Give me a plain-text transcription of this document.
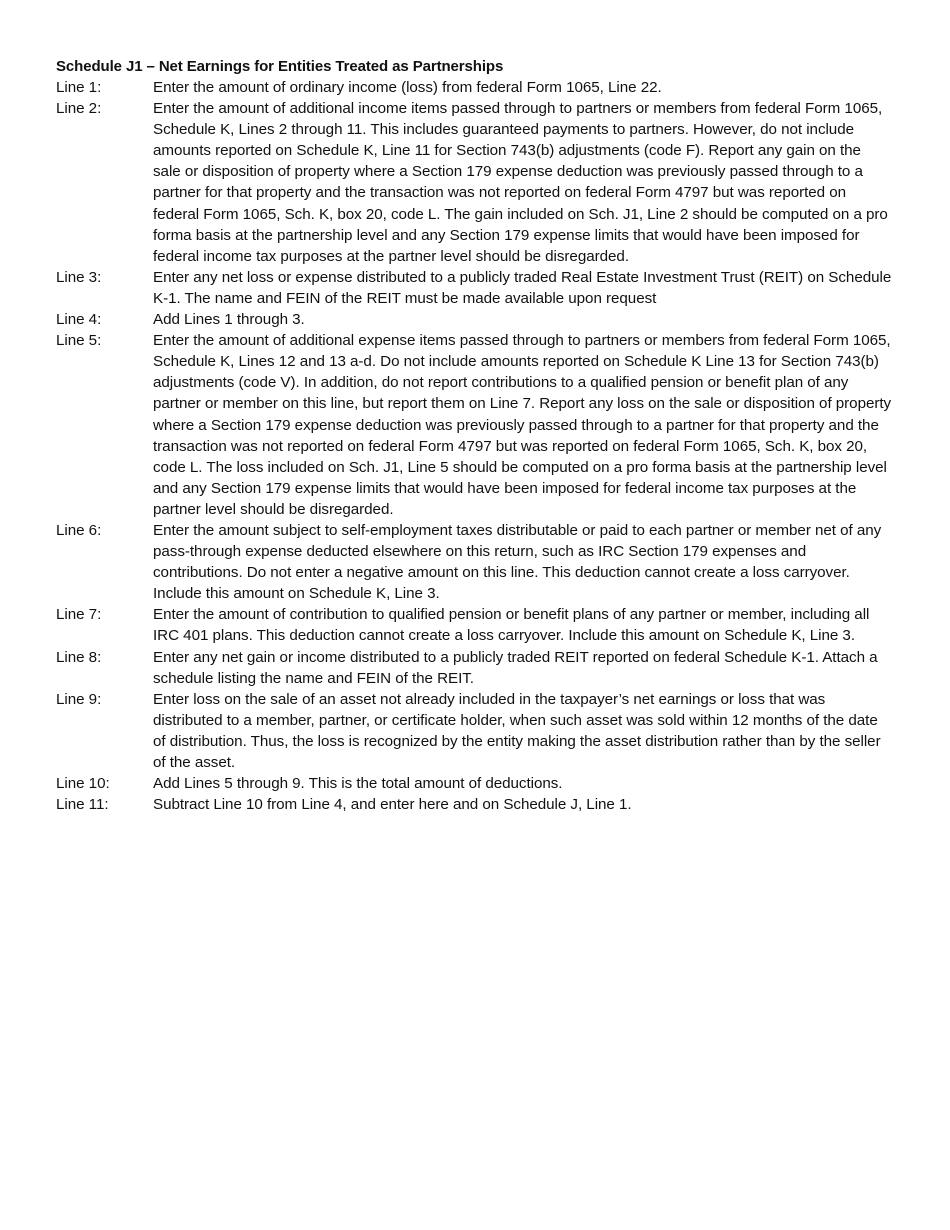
Schedule J1 – Net Earnings for Entities Treated as Partnerships
Line 1:	Enter the amount of ordinary income (loss) from federal Form 1065, Line 22.
Line 2:	Enter the amount of additional income items passed through to partners or members from federal Form 1065, Schedule K, Lines 2 through 11. This includes guaranteed payments to partners. However, do not include amounts reported on Schedule K, Line 11 for Section 743(b) adjustments (code F). Report any gain on the sale or disposition of property where a Section 179 expense deduction was previously passed through to a partner for that property and the transaction was not reported on federal Form 4797 but was reported on federal Form 1065, Sch. K, box 20, code L. The gain included on Sch. J1, Line 2 should be computed on a pro forma basis at the partnership level and any Section 179 expense limits that would have been imposed for federal income tax purposes at the partner level should be disregarded.
Line 3:	Enter any net loss or expense distributed to a publicly traded Real Estate Investment Trust (REIT) on Schedule K-1. The name and FEIN of the REIT must be made available upon request
Line 4:	Add Lines 1 through 3.
Line 5:	Enter the amount of additional expense items passed through to partners or members from federal Form 1065, Schedule K, Lines 12 and 13 a-d. Do not include amounts reported on Schedule K Line 13 for Section 743(b) adjustments (code V). In addition, do not report contributions to a qualified pension or benefit plan of any partner or member on this line, but report them on Line 7. Report any loss on the sale or disposition of property where a Section 179 expense deduction was previously passed through to a partner for that property and the transaction was not reported on federal Form 4797 but was reported on federal Form 1065, Sch. K, box 20, code L. The loss included on Sch. J1, Line 5 should be computed on a pro forma basis at the partnership level and any Section 179 expense limits that would have been imposed for federal income tax purposes at the partner level should be disregarded.
Line 6:	Enter the amount subject to self-employment taxes distributable or paid to each partner or member net of any pass-through expense deducted elsewhere on this return, such as IRC Section 179 expenses and contributions. Do not enter a negative amount on this line. This deduction cannot create a loss carryover. Include this amount on Schedule K, Line 3.
Line 7:	Enter the amount of contribution to qualified pension or benefit plans of any partner or member, including all IRC 401 plans. This deduction cannot create a loss carryover. Include this amount on Schedule K, Line 3.
Line 8:	Enter any net gain or income distributed to a publicly traded REIT reported on federal Schedule K-1. Attach a schedule listing the name and FEIN of the REIT.
Line 9:	Enter loss on the sale of an asset not already included in the taxpayer’s net earnings or loss that was distributed to a member, partner, or certificate holder, when such asset was sold within 12 months of the date of distribution. Thus, the loss is recognized by the entity making the asset distribution rather than by the seller of the asset.
Line 10:	Add Lines 5 through 9. This is the total amount of deductions.
Line 11:	Subtract Line 10 from Line 4, and enter here and on Schedule J, Line 1.
